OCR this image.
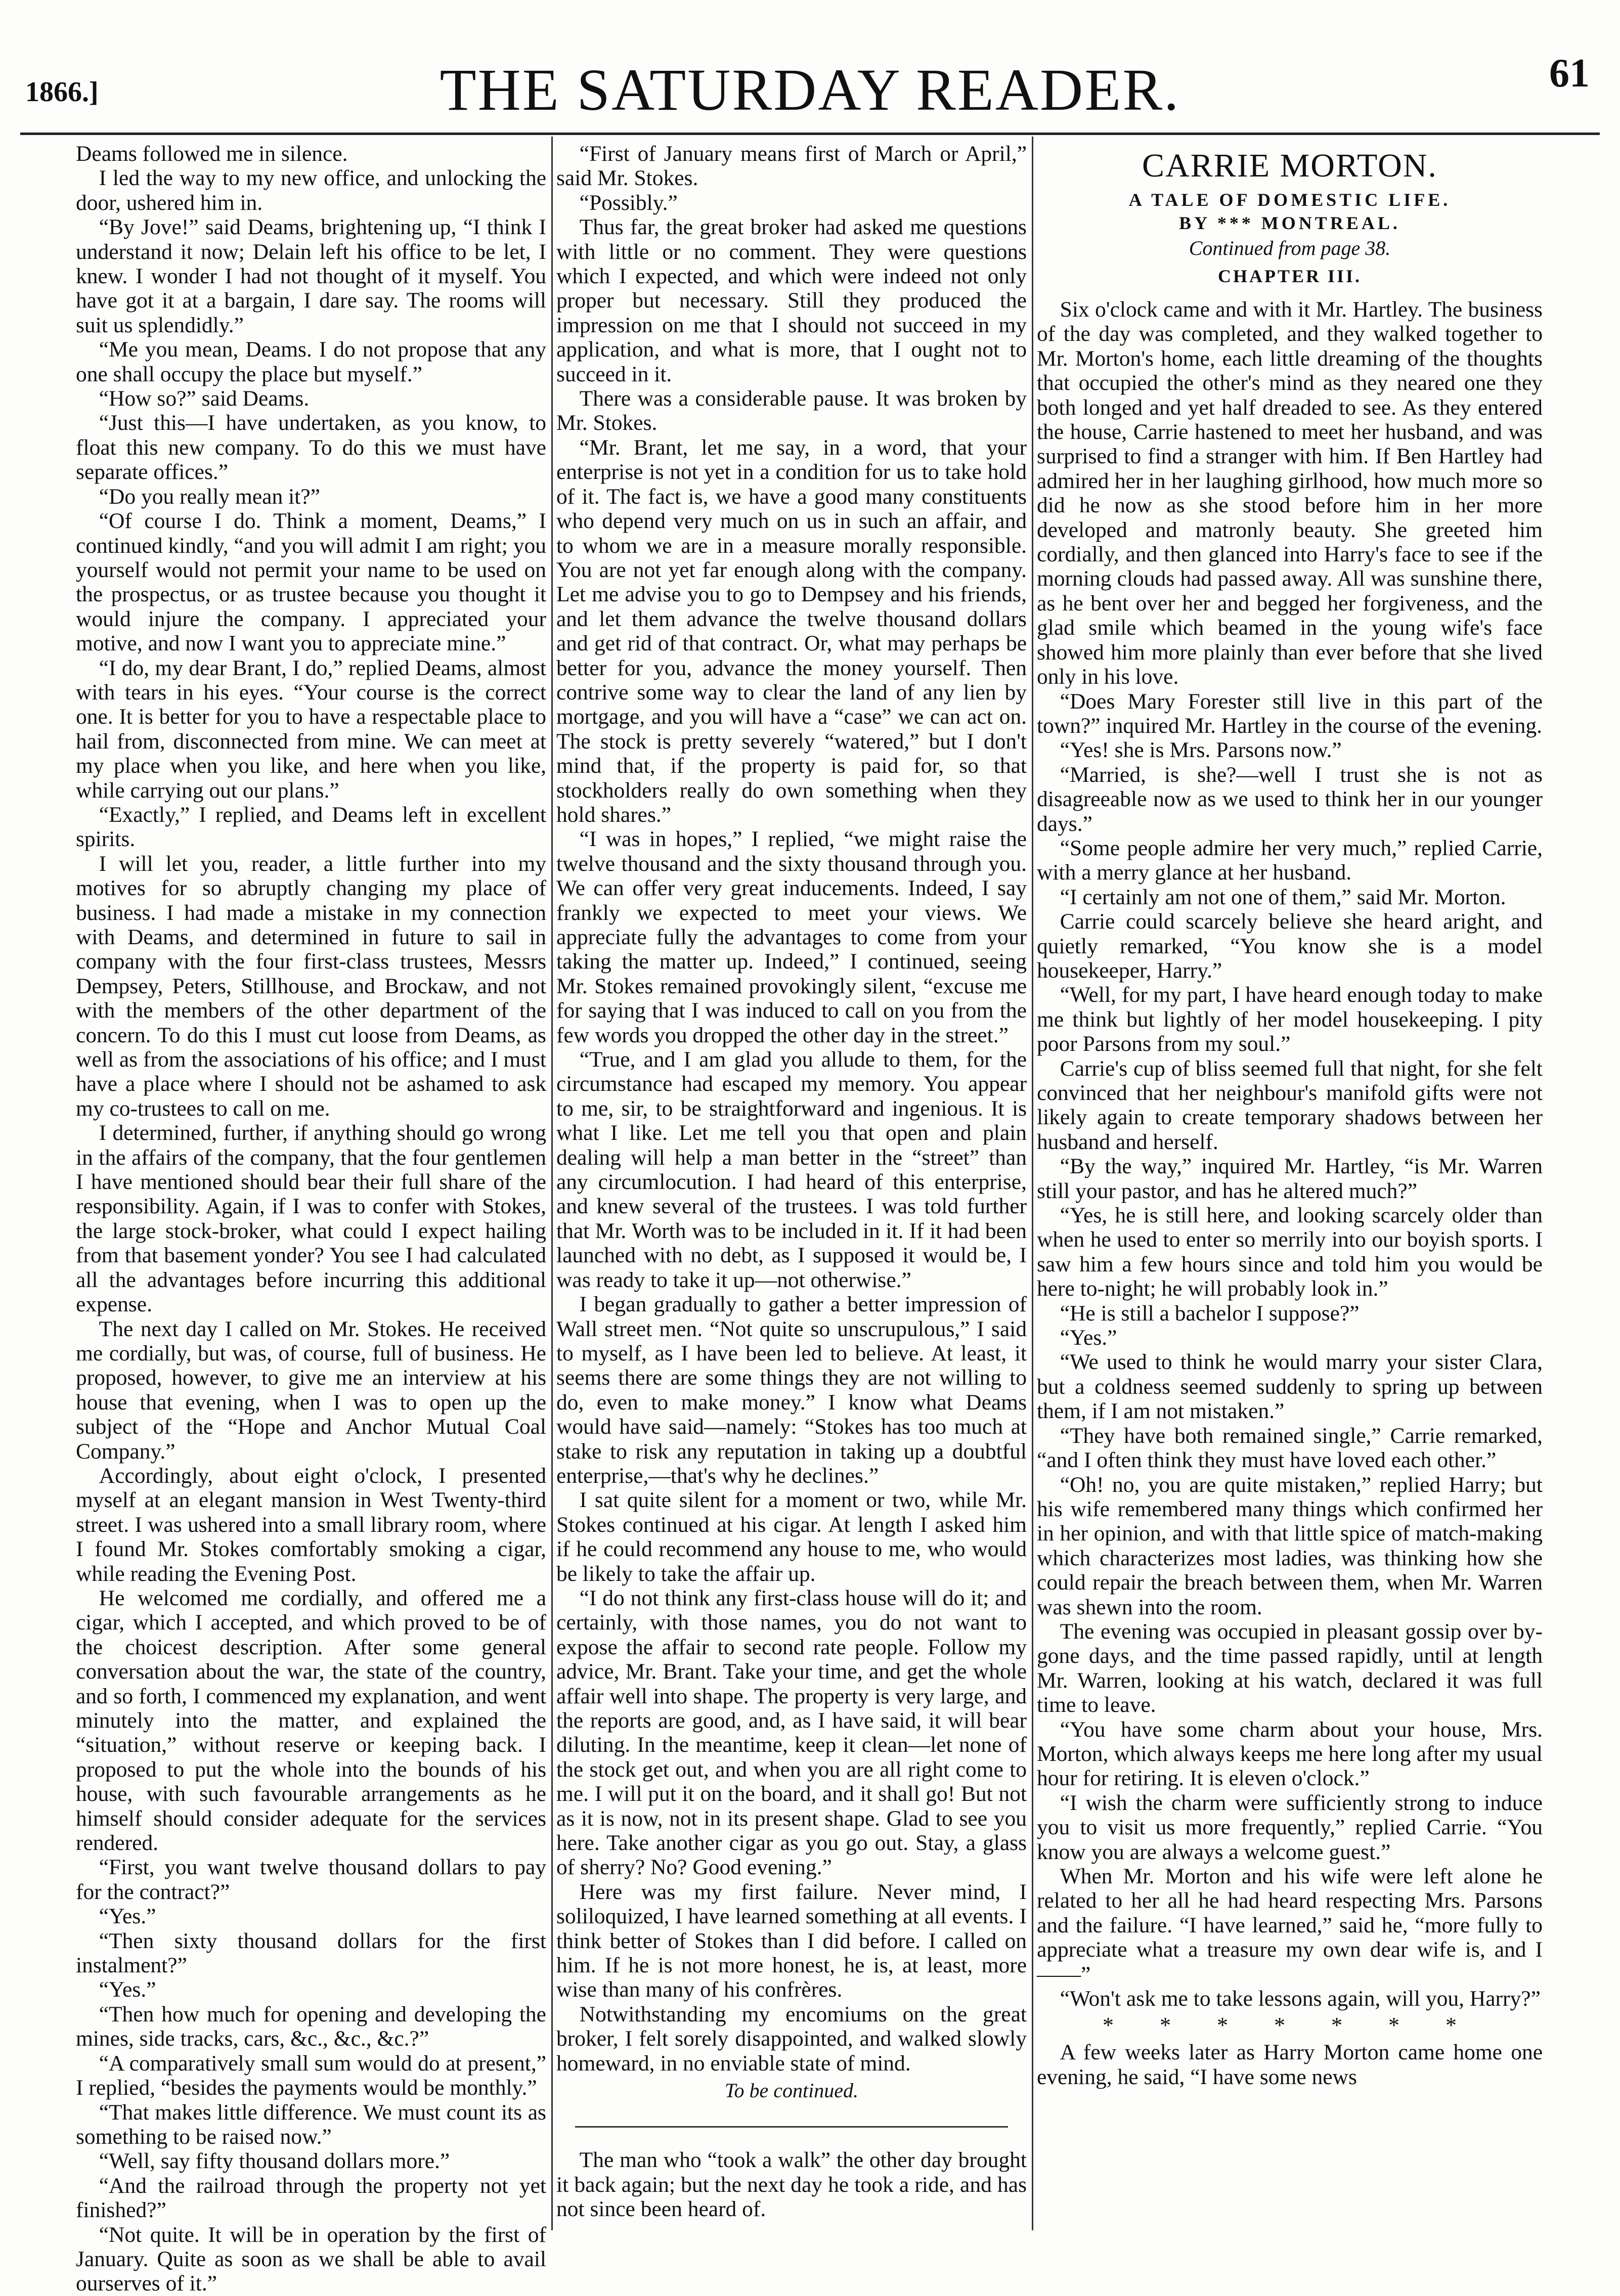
1866.]	THE SATURDAY READER.	61

Deams followed me in silence.

I led the way to my new office, and unlocking the door, ushered him in.

“By Jove!” said Deams, brightening up, “I think I understand it now; Delain left his office to be let, I knew. I wonder I had not thought of it myself. You have got it at a bargain, I dare say. The rooms will suit us splendidly.”

“Me you mean, Deams. I do not propose that any one shall occupy the place but myself.”

“How so?” said Deams.

“Just this—I have undertaken, as you know, to float this new company. To do this we must have separate offices.”

“Do you really mean it?”

“Of course I do. Think a moment, Deams,” I continued kindly, “and you will admit I am right; you yourself would not permit your name to be used on the prospectus, or as trustee because you thought it would injure the company. I appreciated your motive, and now I want you to appreciate mine.”

“I do, my dear Brant, I do,” replied Deams, almost with tears in his eyes. “Your course is the correct one. It is better for you to have a respectable place to hail from, disconnected from mine. We can meet at my place when you like, and here when you like, while carrying out our plans.”

“Exactly,” I replied, and Deams left in excellent spirits.

I will let you, reader, a little further into my motives for so abruptly changing my place of business. I had made a mistake in my connection with Deams, and determined in future to sail in company with the four first-class trustees, Messrs Dempsey, Peters, Stillhouse, and Brockaw, and not with the members of the other department of the concern. To do this I must cut loose from Deams, as well as from the associations of his office; and I must have a place where I should not be ashamed to ask my co-trustees to call on me.

I determined, further, if anything should go wrong in the affairs of the company, that the four gentlemen I have mentioned should bear their full share of the responsibility. Again, if I was to confer with Stokes, the large stock-broker, what could I expect hailing from that basement yonder? You see I had calculated all the advantages before incurring this additional expense.

The next day I called on Mr. Stokes. He received me cordially, but was, of course, full of business. He proposed, however, to give me an interview at his house that evening, when I was to open up the subject of the “Hope and Anchor Mutual Coal Company.”

Accordingly, about eight o'clock, I presented myself at an elegant mansion in West Twenty-third street. I was ushered into a small library room, where I found Mr. Stokes comfortably smoking a cigar, while reading the Evening Post.

He welcomed me cordially, and offered me a cigar, which I accepted, and which proved to be of the choicest description. After some general conversation about the war, the state of the country, and so forth, I commenced my explanation, and went minutely into the matter, and explained the “situation,” without reserve or keeping back. I proposed to put the whole into the bounds of his house, with such favourable arrangements as he himself should consider adequate for the services rendered.

“First, you want twelve thousand dollars to pay for the contract?”

“Yes.”

“Then sixty thousand dollars for the first instalment?”

“Yes.”

“Then how much for opening and developing the mines, side tracks, cars, &c., &c., &c.?”

“A comparatively small sum would do at present,” I replied, “besides the payments would be monthly.”

“That makes little difference. We must count its as something to be raised now.”

“Well, say fifty thousand dollars more.”

“And the railroad through the property not yet finished?”

“Not quite. It will be in operation by the first of January. Quite as soon as we shall be able to avail ourserves of it.”

“First of January means first of March or April,” said Mr. Stokes.

“Possibly.”

Thus far, the great broker had asked me questions with little or no comment. They were questions which I expected, and which were indeed not only proper but necessary. Still they produced the impression on me that I should not succeed in my application, and what is more, that I ought not to succeed in it.

There was a considerable pause. It was broken by Mr. Stokes.

“Mr. Brant, let me say, in a word, that your enterprise is not yet in a condition for us to take hold of it. The fact is, we have a good many constituents who depend very much on us in such an affair, and to whom we are in a measure morally responsible. You are not yet far enough along with the company. Let me advise you to go to Dempsey and his friends, and let them advance the twelve thousand dollars and get rid of that contract. Or, what may perhaps be better for you, advance the money yourself. Then contrive some way to clear the land of any lien by mortgage, and you will have a “case” we can act on. The stock is pretty severely “watered,” but I don't mind that, if the property is paid for, so that stockholders really do own something when they hold shares.”

“I was in hopes,” I replied, “we might raise the twelve thousand and the sixty thousand through you. We can offer very great inducements. Indeed, I say frankly we expected to meet your views. We appreciate fully the advantages to come from your taking the matter up. Indeed,” I continued, seeing Mr. Stokes remained provokingly silent, “excuse me for saying that I was induced to call on you from the few words you dropped the other day in the street.”

“True, and I am glad you allude to them, for the circumstance had escaped my memory. You appear to me, sir, to be straightforward and ingenious. It is what I like. Let me tell you that open and plain dealing will help a man better in the “street” than any circumlocution. I had heard of this enterprise, and knew several of the trustees. I was told further that Mr. Worth was to be included in it. If it had been launched with no debt, as I supposed it would be, I was ready to take it up—not otherwise.”

I began gradually to gather a better impression of Wall street men. “Not quite so unscrupulous,” I said to myself, as I have been led to believe. At least, it seems there are some things they are not willing to do, even to make money.” I know what Deams would have said—namely: “Stokes has too much at stake to risk any reputation in taking up a doubtful enterprise,—that's why he declines.”

I sat quite silent for a moment or two, while Mr. Stokes continued at his cigar. At length I asked him if he could recommend any house to me, who would be likely to take the affair up.

“I do not think any first-class house will do it; and certainly, with those names, you do not want to expose the affair to second rate people. Follow my advice, Mr. Brant. Take your time, and get the whole affair well into shape. The property is very large, and the reports are good, and, as I have said, it will bear diluting. In the meantime, keep it clean—let none of the stock get out, and when you are all right come to me. I will put it on the board, and it shall go! But not as it is now, not in its present shape. Glad to see you here. Take another cigar as you go out. Stay, a glass of sherry? No? Good evening.”

Here was my first failure. Never mind, I soliloquized, I have learned something at all events. I think better of Stokes than I did before. I called on him. If he is not more honest, he is, at least, more wise than many of his confrères.

Notwithstanding my encomiums on the great broker, I felt sorely disappointed, and walked slowly homeward, in no enviable state of mind.

To be continued.

The man who “took a walk” the other day brought it back again; but the next day he took a ride, and has not since been heard of.

CARRIE MORTON.
A TALE OF DOMESTIC LIFE.
BY *** MONTREAL.
Continued from page 38.
CHAPTER III.

Six o'clock came and with it Mr. Hartley. The business of the day was completed, and they walked together to Mr. Morton's home, each little dreaming of the thoughts that occupied the other's mind as they neared one they both longed and yet half dreaded to see. As they entered the house, Carrie hastened to meet her husband, and was surprised to find a stranger with him. If Ben Hartley had admired her in her laughing girlhood, how much more so did he now as she stood before him in her more developed and matronly beauty. She greeted him cordially, and then glanced into Harry's face to see if the morning clouds had passed away. All was sunshine there, as he bent over her and begged her forgiveness, and the glad smile which beamed in the young wife's face showed him more plainly than ever before that she lived only in his love.

“Does Mary Forester still live in this part of the town?” inquired Mr. Hartley in the course of the evening.

“Yes! she is Mrs. Parsons now.”

“Married, is she?—well I trust she is not as disagreeable now as we used to think her in our younger days.”

“Some people admire her very much,” replied Carrie, with a merry glance at her husband.

“I certainly am not one of them,” said Mr. Morton.

Carrie could scarcely believe she heard aright, and quietly remarked, “You know she is a model housekeeper, Harry.”

“Well, for my part, I have heard enough today to make me think but lightly of her model housekeeping. I pity poor Parsons from my soul.”

Carrie's cup of bliss seemed full that night, for she felt convinced that her neighbour's manifold gifts were not likely again to create temporary shadows between her husband and herself.

“By the way,” inquired Mr. Hartley, “is Mr. Warren still your pastor, and has he altered much?”

“Yes, he is still here, and looking scarcely older than when he used to enter so merrily into our boyish sports. I saw him a few hours since and told him you would be here to-night; he will probably look in.”

“He is still a bachelor I suppose?”

“Yes.”

“We used to think he would marry your sister Clara, but a coldness seemed suddenly to spring up between them, if I am not mistaken.”

“They have both remained single,” Carrie remarked, “and I often think they must have loved each other.”

“Oh! no, you are quite mistaken,” replied Harry; but his wife remembered many things which confirmed her in her opinion, and with that little spice of match-making which characterizes most ladies, was thinking how she could repair the breach between them, when Mr. Warren was shewn into the room.

The evening was occupied in pleasant gossip over by-gone days, and the time passed rapidly, until at length Mr. Warren, looking at his watch, declared it was full time to leave.

“You have some charm about your house, Mrs. Morton, which always keeps me here long after my usual hour for retiring. It is eleven o'clock.”

“I wish the charm were sufficiently strong to induce you to visit us more frequently,” replied Carrie. “You know you are always a welcome guest.”

When Mr. Morton and his wife were left alone he related to her all he had heard respecting Mrs. Parsons and the failure. “I have learned,” said he, “more fully to appreciate what a treasure my own dear wife is, and I ——”

“Won't ask me to take lessons again, will you, Harry?”

* * * * * * *

A few weeks later as Harry Morton came home one evening, he said, “I have some news
